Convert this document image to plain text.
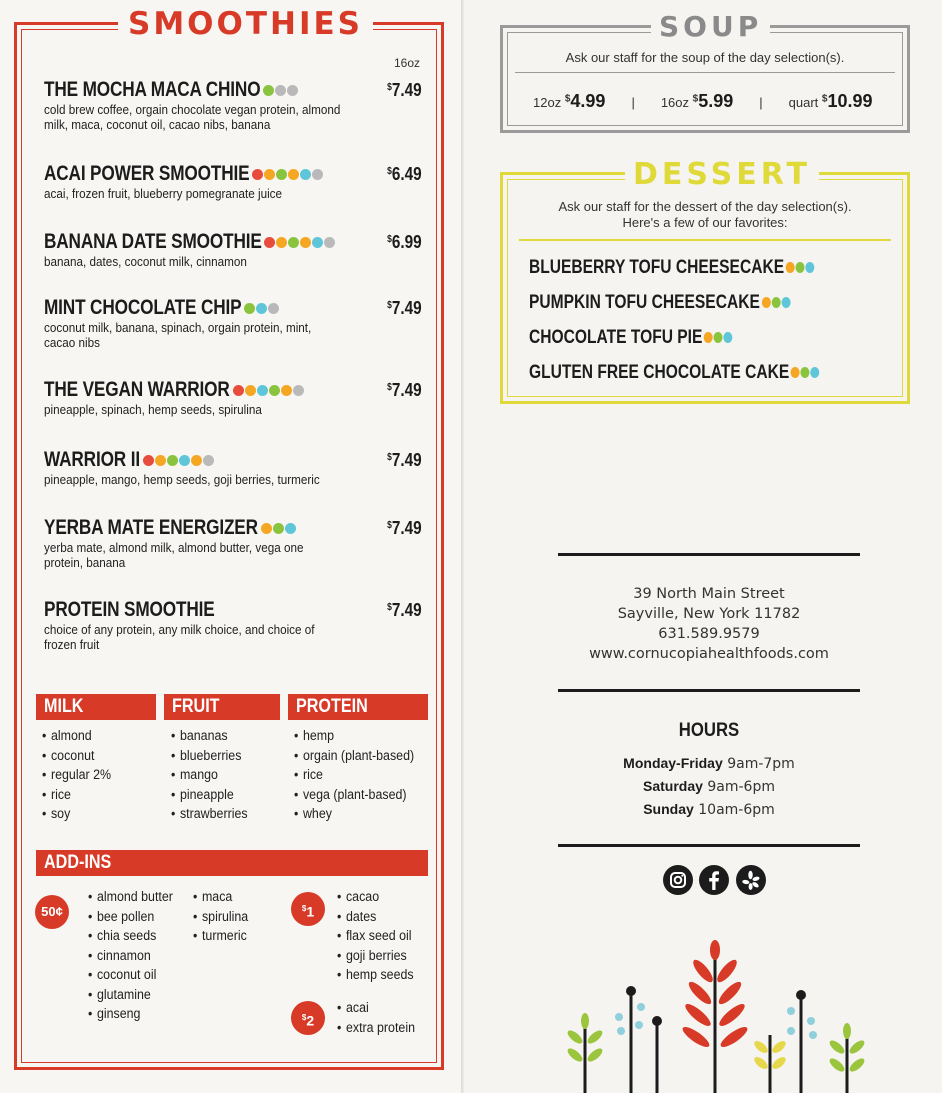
SMOOTHIES
16oz
THE MOCHA MACA CHINO
cold brew coffee, orgain chocolate vegan protein, almond milk, maca, coconut oil, cacao nibs, banana
$7.49
ACAI POWER SMOOTHIE
acai, frozen fruit, blueberry pomegranate juice
$6.49
BANANA DATE SMOOTHIE
banana, dates, coconut milk, cinnamon
$6.99
MINT CHOCOLATE CHIP
coconut milk, banana, spinach, orgain protein, mint, cacao nibs
$7.49
THE VEGAN WARRIOR
pineapple, spinach, hemp seeds, spirulina
$7.49
WARRIOR II
pineapple, mango, hemp seeds, goji berries, turmeric
$7.49
YERBA MATE ENERGIZER
yerba mate, almond milk, almond butter, vega one protein, banana
$7.49
PROTEIN SMOOTHIE
choice of any protein, any milk choice, and choice of frozen fruit
$7.49
MILK
• almond
• coconut
• regular 2%
• rice
• soy
FRUIT
• bananas
• blueberries
• mango
• pineapple
• strawberries
PROTEIN
• hemp
• orgain (plant-based)
• rice
• vega (plant-based)
• whey
ADD-INS
50¢
• almond butter
• bee pollen
• chia seeds
• cinnamon
• coconut oil
• glutamine
• ginseng
• maca
• spirulina
• turmeric
$1
• cacao
• dates
• flax seed oil
• goji berries
• hemp seeds
$2
• acai
• extra protein
SOUP
Ask our staff for the soup of the day selection(s).
12oz $4.99 | 16oz $5.99 | quart $10.99
DESSERT
Ask our staff for the dessert of the day selection(s).
Here's a few of our favorites:
BLUEBERRY TOFU CHEESECAKE
PUMPKIN TOFU CHEESECAKE
CHOCOLATE TOFU PIE
GLUTEN FREE CHOCOLATE CAKE
39 North Main Street
Sayville, New York 11782
631.589.9579
www.cornucopiahealthfoods.com
HOURS
Monday-Friday 9am-7pm
Saturday 9am-6pm
Sunday 10am-6pm
